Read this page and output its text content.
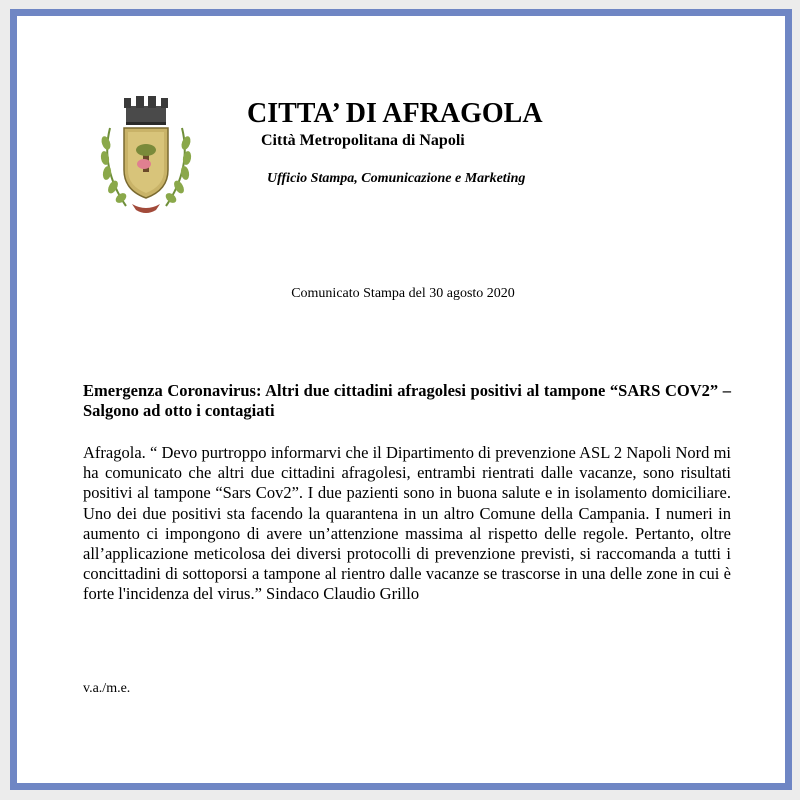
CITTA’ DI AFRAGOLA
Città Metropolitana di Napoli
Ufficio Stampa, Comunicazione e Marketing
Comunicato Stampa del 30 agosto 2020
Emergenza Coronavirus: Altri due cittadini afragolesi positivi al tampone “SARS COV2” – Salgono ad otto i contagiati

Afragola. “ Devo purtroppo informarvi che il Dipartimento di prevenzione ASL 2 Napoli Nord mi ha comunicato che altri due cittadini afragolesi, entrambi rientrati dalle vacanze, sono risultati positivi al tampone “Sars Cov2”. I due pazienti sono in buona salute e in isolamento domiciliare. Uno dei due positivi sta facendo la quarantena in un altro Comune della Campania. I numeri in aumento ci impongono di avere un’attenzione massima al rispetto delle regole. Pertanto, oltre all’applicazione meticolosa dei diversi protocolli di prevenzione previsti, si raccomanda a tutti i concittadini di sottoporsi a tampone al rientro dalle vacanze se trascorse in una delle zone in cui è forte l'incidenza del virus.” Sindaco Claudio Grillo

v.a./m.e.
